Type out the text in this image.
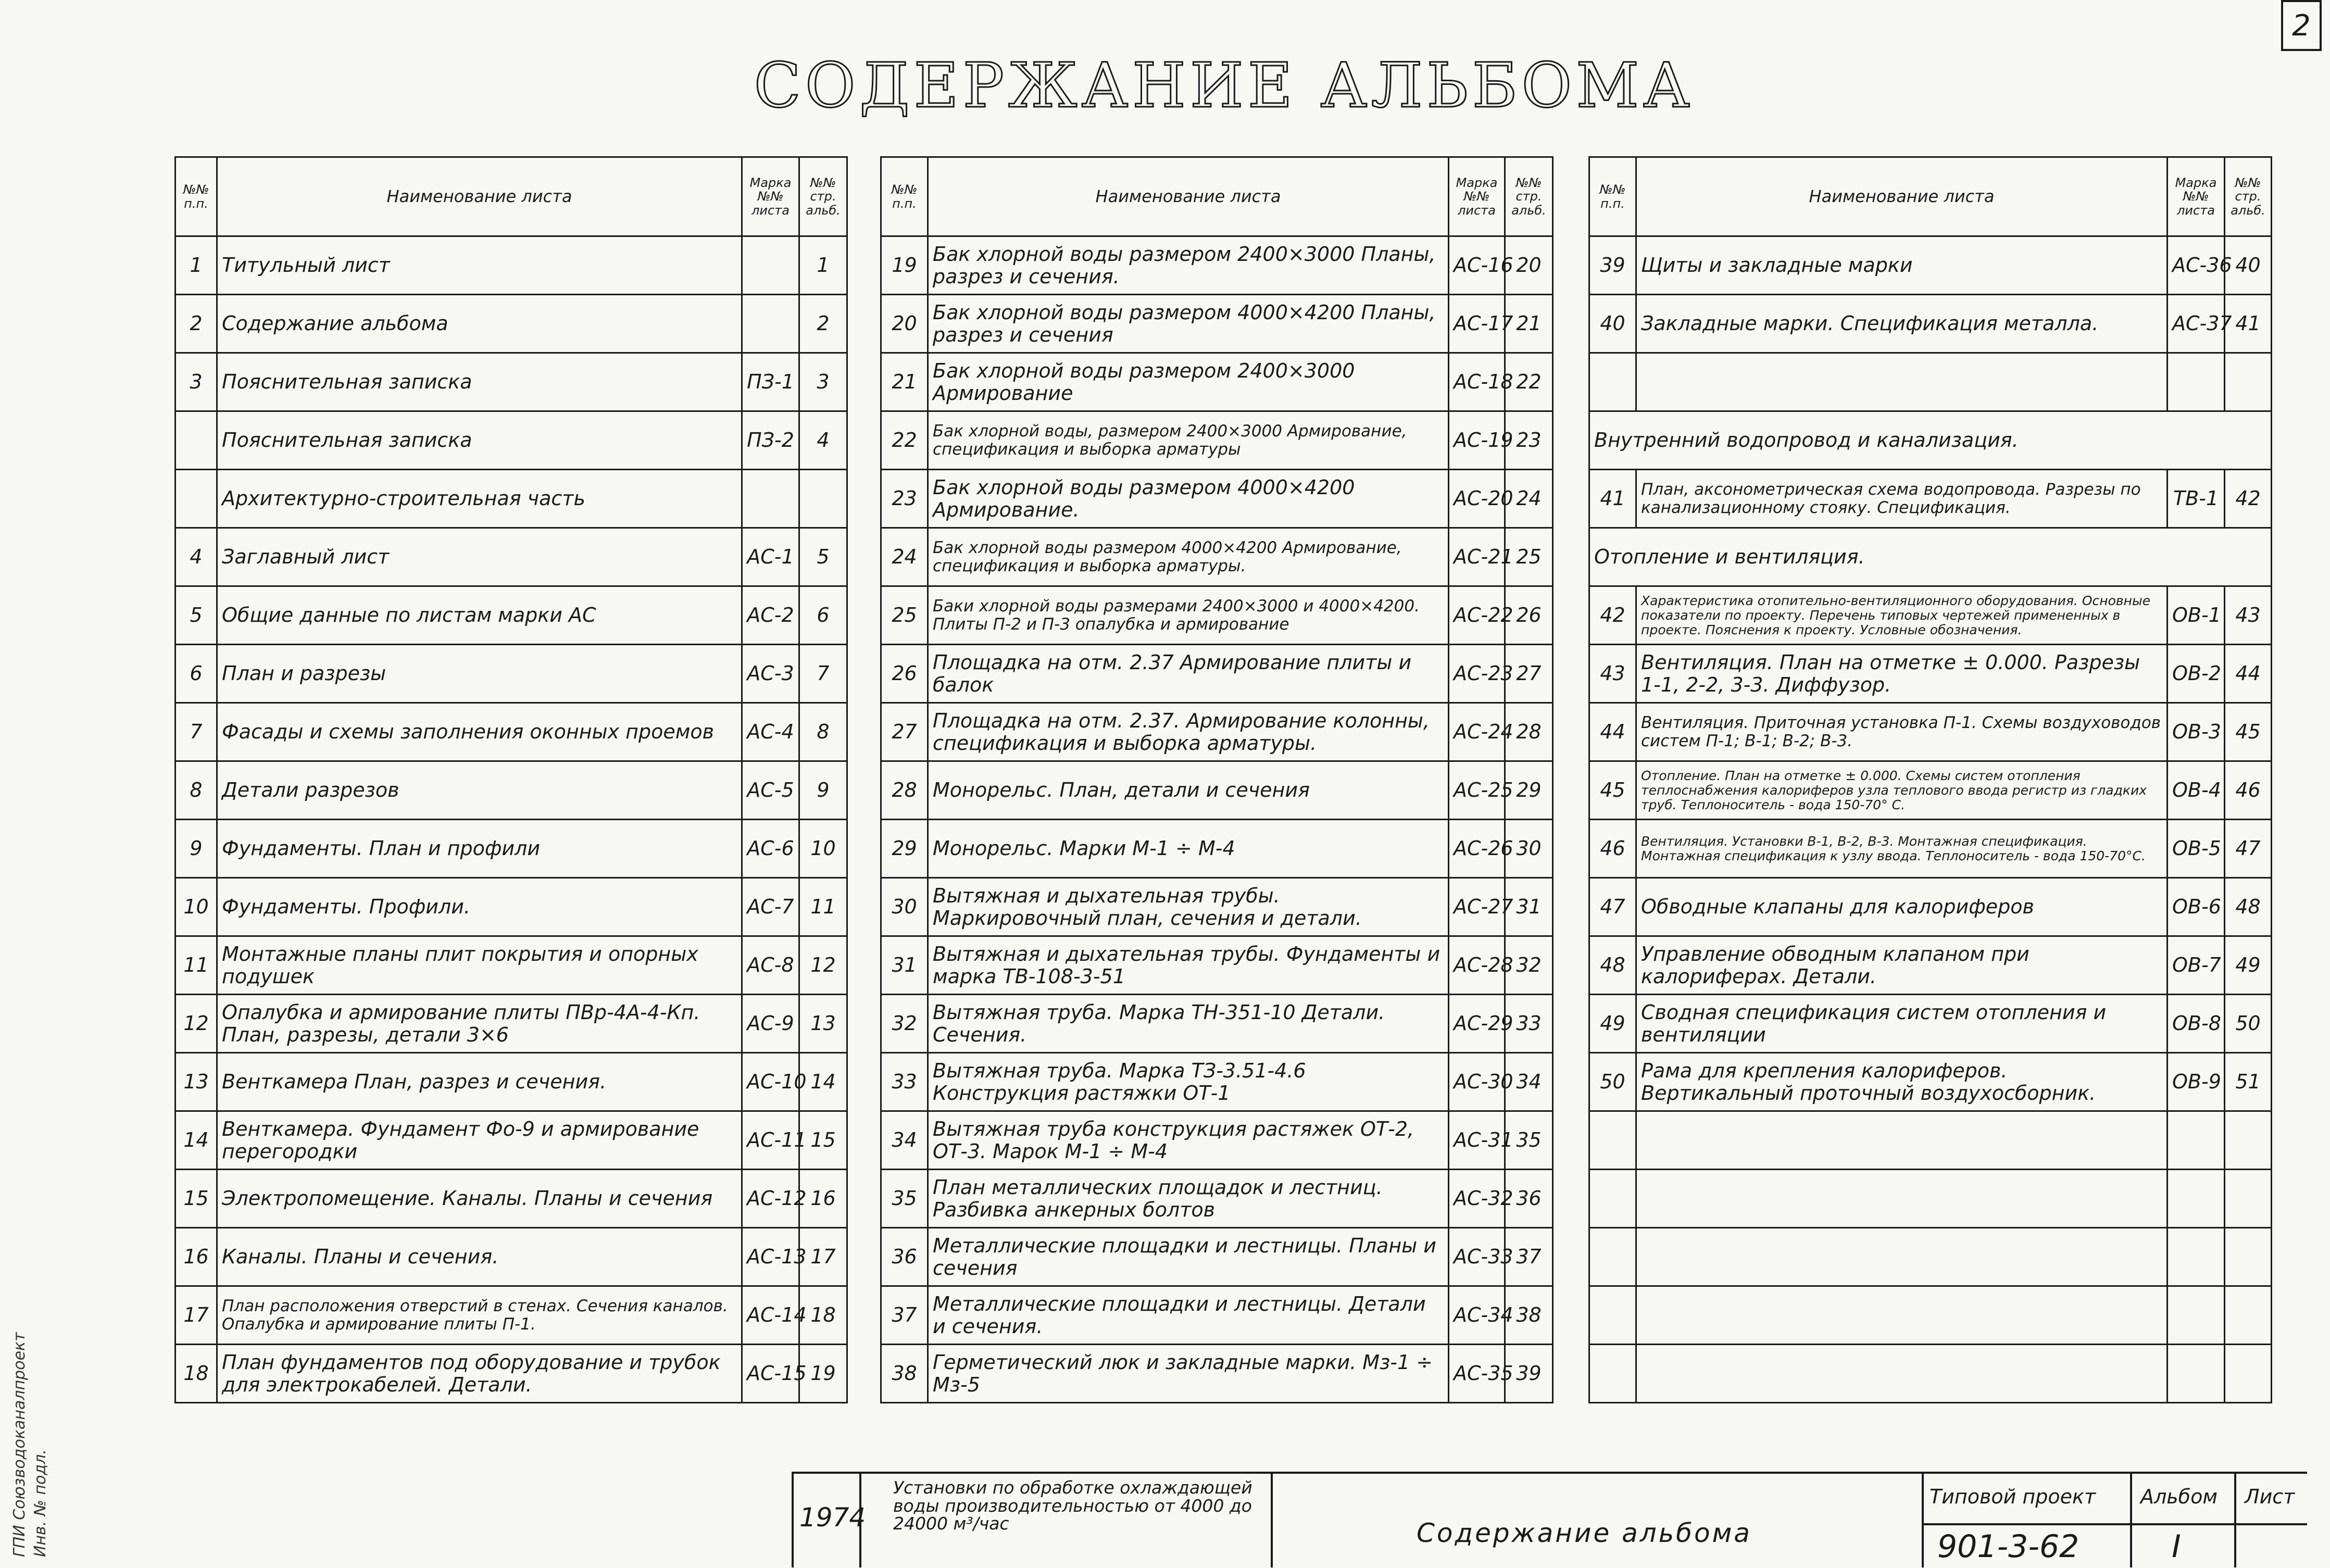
2
СОДЕРЖАНИЕ АЛЬБОМА
ГПИ Союзводоканалпроект Инв. № подл.
№№ п.п.	Наименование листа	Марка №№ листа	№№ стр. альб.
1	Титульный лист		1
2	Содержание альбома		2
3	Пояснительная записка	ПЗ-1	3
	Пояснительная записка	ПЗ-2	4
	Архитектурно-строительная часть		
4	Заглавный лист	АС-1	5
5	Общие данные по листам марки АС	АС-2	6
6	План и разрезы	АС-3	7
7	Фасады и схемы заполнения оконных проемов	АС-4	8
8	Детали разрезов	АС-5	9
9	Фундаменты. План и профили	АС-6	10
10	Фундаменты. Профили.	АС-7	11
11	Монтажные планы плит покрытия и опорных подушек	АС-8	12
12	Опалубка и армирование плиты ПВр-4А-4-Кп. План, разрезы, детали 3×6	АС-9	13
13	Венткамера План, разрез и сечения.	АС-10	14
14	Венткамера. Фундамент Фо-9 и армирование перегородки	АС-11	15
15	Электропомещение. Каналы. Планы и сечения	АС-12	16
16	Каналы. Планы и сечения.	АС-13	17
17	План расположения отверстий в стенах. Сечения каналов. Опалубка и армирование плиты П-1.	АС-14	18
18	План фундаментов под оборудование и трубок для электрокабелей. Детали.	АС-15	19
№№ п.п.	Наименование листа	Марка №№ листа	№№ стр. альб.
19	Бак хлорной воды размером 2400×3000 Планы, разрез и сечения.	АС-16	20
20	Бак хлорной воды размером 4000×4200 Планы, разрез и сечения	АС-17	21
21	Бак хлорной воды размером 2400×3000 Армирование	АС-18	22
22	Бак хлорной воды, размером 2400×3000 Армирование, спецификация и выборка арматуры	АС-19	23
23	Бак хлорной воды размером 4000×4200 Армирование.	АС-20	24
24	Бак хлорной воды размером 4000×4200 Армирование, спецификация и выборка арматуры.	АС-21	25
25	Баки хлорной воды размерами 2400×3000 и 4000×4200. Плиты П-2 и П-3 опалубка и армирование	АС-22	26
26	Площадка на отм. 2.37 Армирование плиты и балок	АС-23	27
27	Площадка на отм. 2.37. Армирование колонны, спецификация и выборка арматуры.	АС-24	28
28	Монорельс. План, детали и сечения	АС-25	29
29	Монорельс. Марки М-1 ÷ М-4	АС-26	30
30	Вытяжная и дыхательная трубы. Маркировочный план, сечения и детали.	АС-27	31
31	Вытяжная и дыхательная трубы. Фундаменты и марка ТВ-108-3-51	АС-28	32
32	Вытяжная труба. Марка ТН-351-10 Детали. Сечения.	АС-29	33
33	Вытяжная труба. Марка ТЗ-3.51-4.6 Конструкция растяжки ОТ-1	АС-30	34
34	Вытяжная труба конструкция растяжек ОТ-2, ОТ-3. Марок М-1 ÷ М-4	АС-31	35
35	План металлических площадок и лестниц. Разбивка анкерных болтов	АС-32	36
36	Металлические площадки и лестницы. Планы и сечения	АС-33	37
37	Металлические площадки и лестницы. Детали и сечения.	АС-34	38
38	Герметический люк и закладные марки. Мз-1 ÷ Мз-5	АС-35	39
№№ п.п.	Наименование листа	Марка №№ листа	№№ стр. альб.
39	Щиты и закладные марки	АС-36	40
40	Закладные марки. Спецификация металла.	АС-37	41

Внутренний водопровод и канализация.			
41	План, аксонометрическая схема водопровода. Разрезы по канализационному стояку. Спецификация.	ТВ-1	42
Отопление и вентиляция.			
42	Характеристика отопительно-вентиляционного оборудования. Основные показатели по проекту. Перечень типовых чертежей примененных в проекте. Пояснения к проекту. Условные обозначения.	ОВ-1	43
43	Вентиляция. План на отметке ± 0.000. Разрезы 1-1, 2-2, 3-3. Диффузор.	ОВ-2	44
44	Вентиляция. Приточная установка П-1. Схемы воздуховодов систем П-1; В-1; В-2; В-3.	ОВ-3	45
45	Отопление. План на отметке ± 0.000. Схемы систем отопления теплоснабжения калориферов узла теплового ввода регистр из гладких труб. Теплоноситель - вода 150-70° С.	ОВ-4	46
46	Вентиляция. Установки В-1, В-2, В-3. Монтажная спецификация. Монтажная спецификация к узлу ввода. Теплоноситель - вода 150-70°С.	ОВ-5	47
47	Обводные клапаны для калориферов	ОВ-6	48
48	Управление обводным клапаном при калориферах. Детали.	ОВ-7	49
49	Сводная спецификация систем отопления и вентиляции	ОВ-8	50
50	Рама для крепления калориферов. Вертикальный проточный воздухосборник.	ОВ-9	51

1974
Установки по обработке охлаждающей воды производительностью от 4000 до 24000 м³/час	Содержание альбома
Типовой проект
901-3-62
Альбом
I
Лист
